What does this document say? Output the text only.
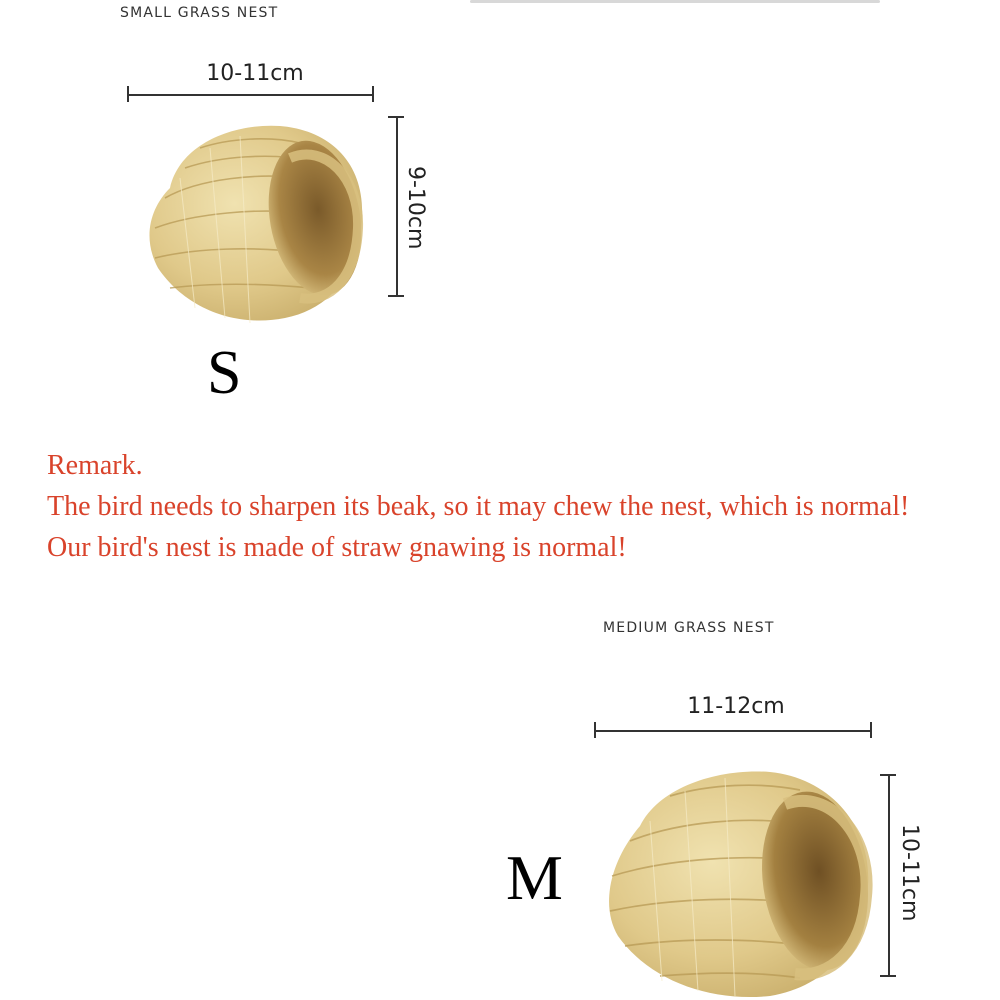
SMALL GRASS NEST
10-11cm
9-10cm
S
Remark.
The bird needs to sharpen its beak, so it may chew the nest, which is normal!
Our bird's nest is made of straw gnawing is normal!
MEDIUM GRASS NEST
11-12cm
10-11cm
M
